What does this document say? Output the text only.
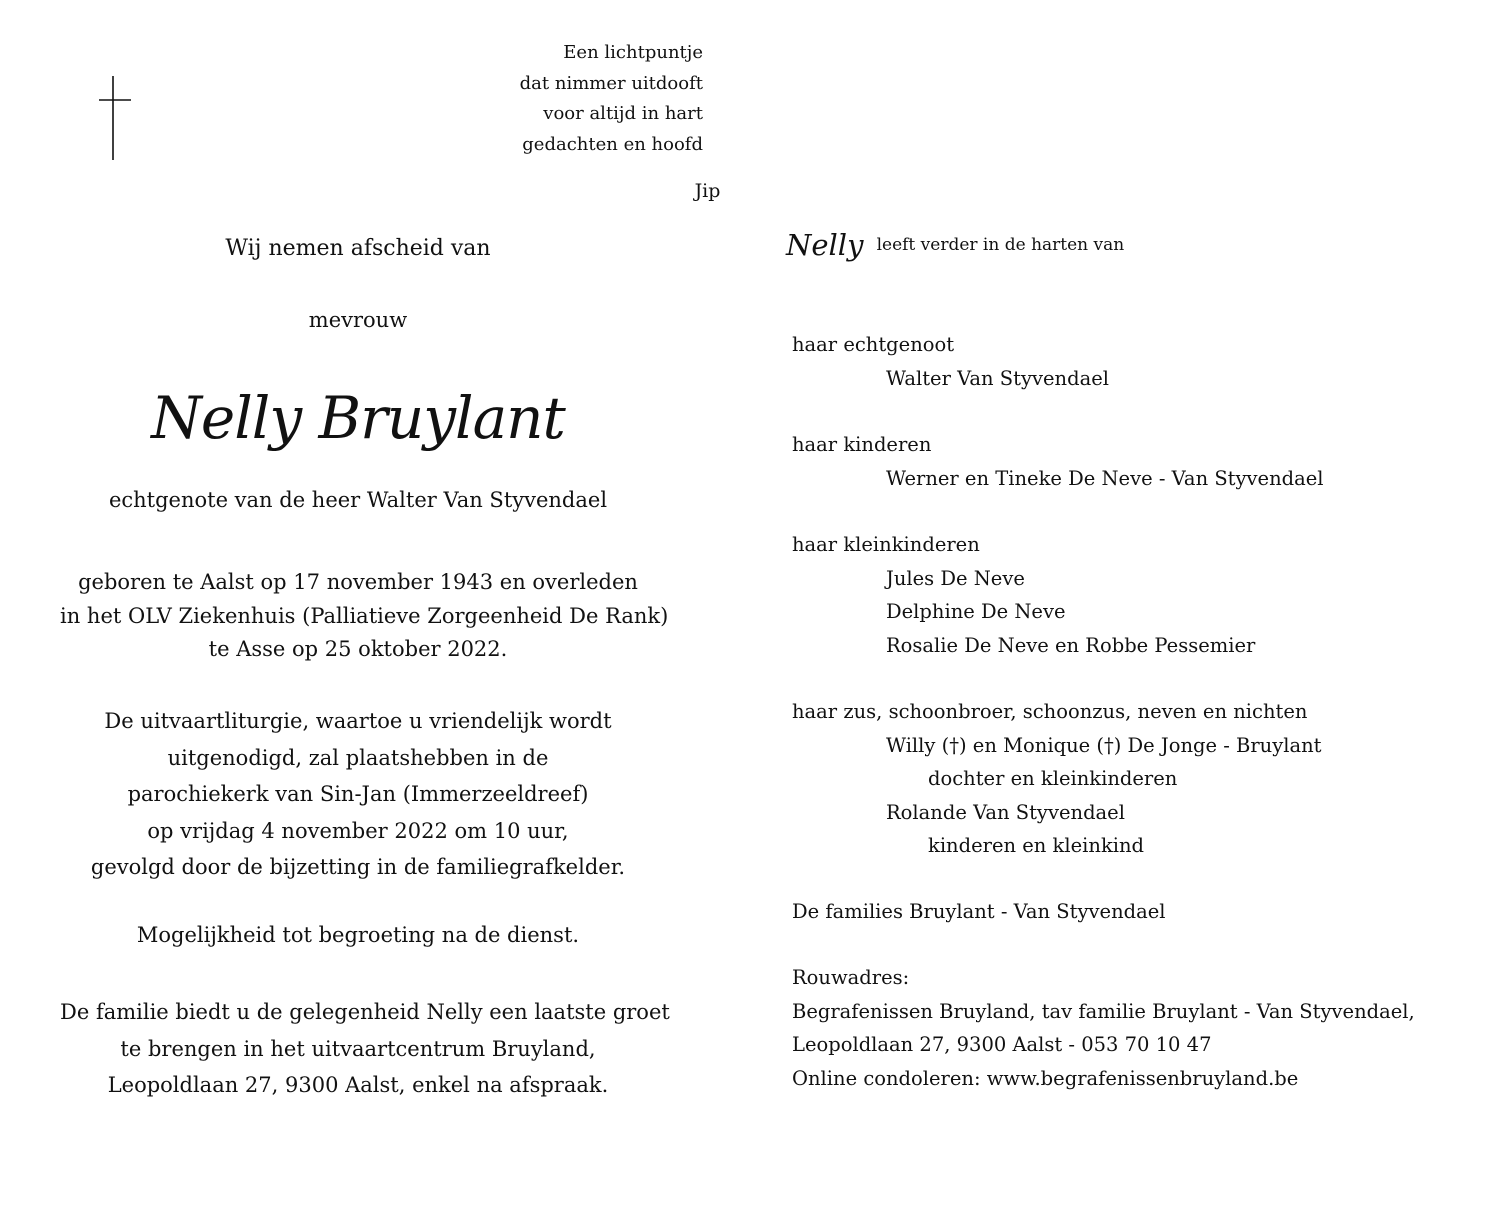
Een lichtpuntje
dat nimmer uitdooft
voor altijd in hart
gedachten en hoofd
Jip
Wij nemen afscheid van
mevrouw
Nelly Bruylant
echtgenote van de heer Walter Van Styvendael
geboren te Aalst op 17 november 1943 en overleden
in het OLV Ziekenhuis (Palliatieve Zorgeenheid De Rank)
te Asse op 25 oktober 2022.
De uitvaartliturgie, waartoe u vriendelijk wordt
uitgenodigd, zal plaatshebben in de
parochiekerk van Sin-Jan (Immerzeeldreef)
op vrijdag 4 november 2022 om 10 uur,
gevolgd door de bijzetting in de familiegrafkelder.
Mogelijkheid tot begroeting na de dienst.
De familie biedt u de gelegenheid Nelly een laatste groet
te brengen in het uitvaartcentrum Bruyland,
Leopoldlaan 27, 9300 Aalst, enkel na afspraak.
Nelly leeft verder in de harten van
haar echtgenoot
Walter Van Styvendael
haar kinderen
Werner en Tineke De Neve - Van Styvendael
haar kleinkinderen
Jules De Neve
Delphine De Neve
Rosalie De Neve en Robbe Pessemier
haar zus, schoonbroer, schoonzus, neven en nichten
Willy (†) en Monique (†) De Jonge - Bruylant
dochter en kleinkinderen
Rolande Van Styvendael
kinderen en kleinkind
De families Bruylant - Van Styvendael
Rouwadres:
Begrafenissen Bruyland, tav familie Bruylant - Van Styvendael,
Leopoldlaan 27, 9300 Aalst - 053 70 10 47
Online condoleren: www.begrafenissenbruyland.be
